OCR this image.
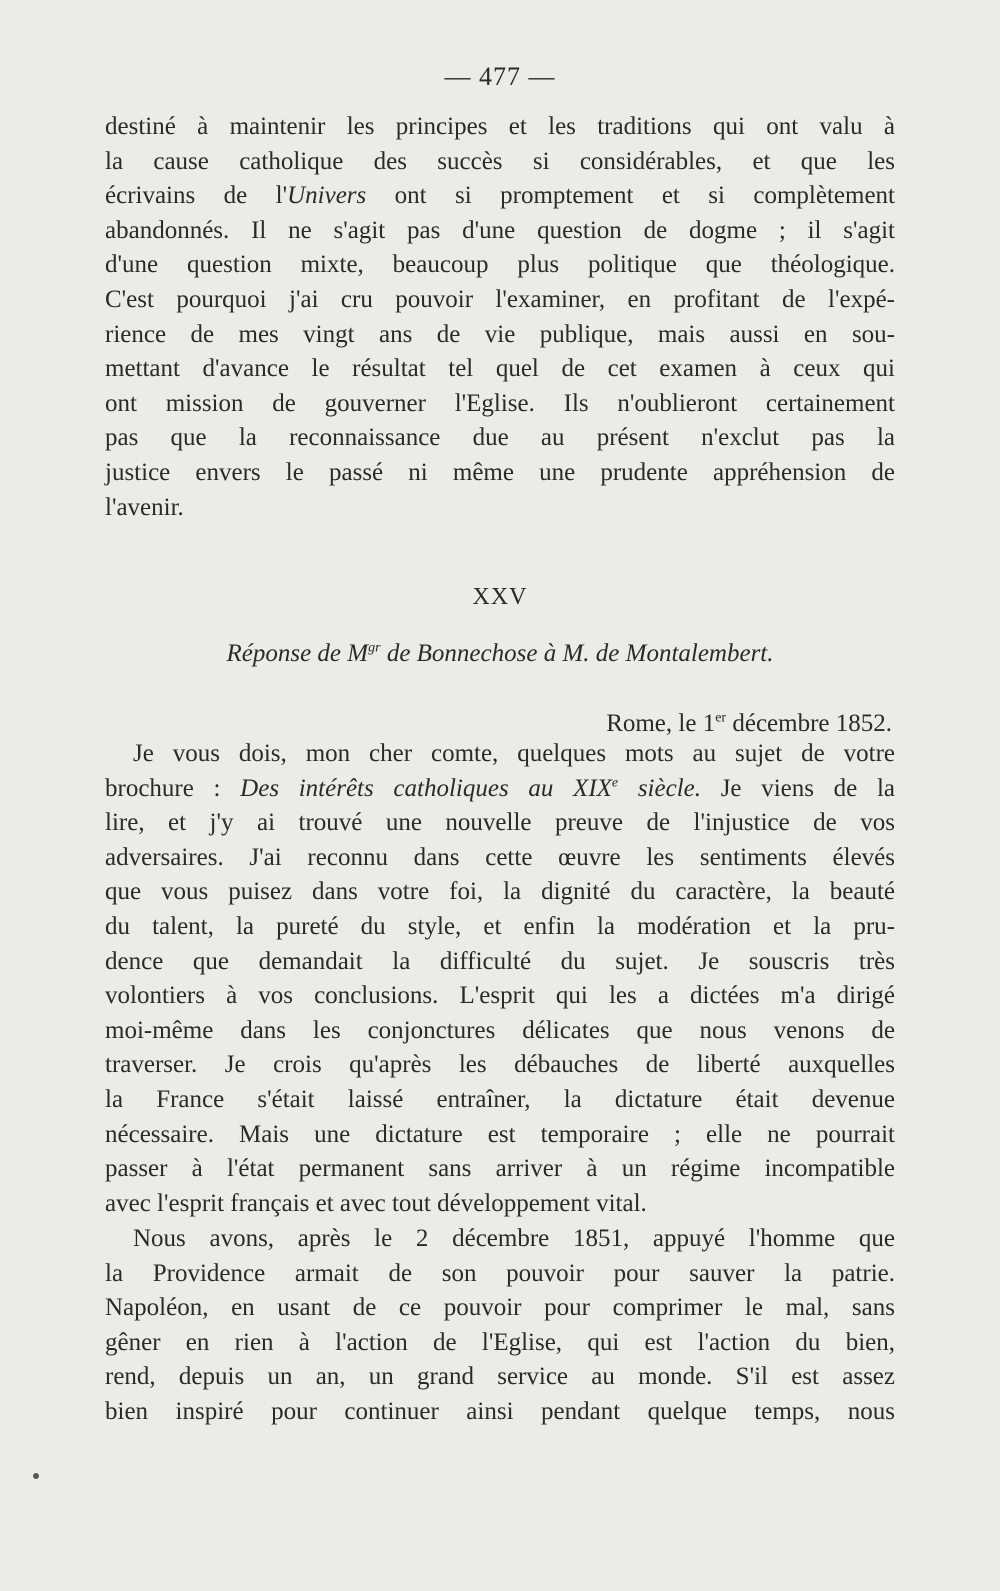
— 477 —
destiné à maintenir les principes et les traditions qui ont valu à
la cause catholique des succès si considérables, et que les
écrivains de l'Univers ont si promptement et si complètement
abandonnés. Il ne s'agit pas d'une question de dogme ; il s'agit
d'une question mixte, beaucoup plus politique que théologique.
C'est pourquoi j'ai cru pouvoir l'examiner, en profitant de l'expé-
rience de mes vingt ans de vie publique, mais aussi en sou-
mettant d'avance le résultat tel quel de cet examen à ceux qui
ont mission de gouverner l'Eglise. Ils n'oublieront certainement
pas que la reconnaissance due au présent n'exclut pas la
justice envers le passé ni même une prudente appréhension de
l'avenir.
XXV
Réponse de $M^{gr}$ de Bonnechose à M. de Montalembert.
Rome, le 1er décembre 1852.
Je vous dois, mon cher comte, quelques mots au sujet de votre
brochure : Des intérêts catholiques au XIXe siècle. Je viens de la
lire, et j'y ai trouvé une nouvelle preuve de l'injustice de vos
adversaires. J'ai reconnu dans cette œuvre les sentiments élevés
que vous puisez dans votre foi, la dignité du caractère, la beauté
du talent, la pureté du style, et enfin la modération et la pru-
dence que demandait la difficulté du sujet. Je souscris très
volontiers à vos conclusions. L'esprit qui les a dictées m'a dirigé
moi-même dans les conjonctures délicates que nous venons de
traverser. Je crois qu'après les débauches de liberté auxquelles
la France s'était laissé entraîner, la dictature était devenue
nécessaire. Mais une dictature est temporaire ; elle ne pourrait
passer à l'état permanent sans arriver à un régime incompatible
avec l'esprit français et avec tout développement vital.
Nous avons, après le 2 décembre 1851, appuyé l'homme que
la Providence armait de son pouvoir pour sauver la patrie.
Napoléon, en usant de ce pouvoir pour comprimer le mal, sans
gêner en rien à l'action de l'Eglise, qui est l'action du bien,
rend, depuis un an, un grand service au monde. S'il est assez
bien inspiré pour continuer ainsi pendant quelque temps, nous
